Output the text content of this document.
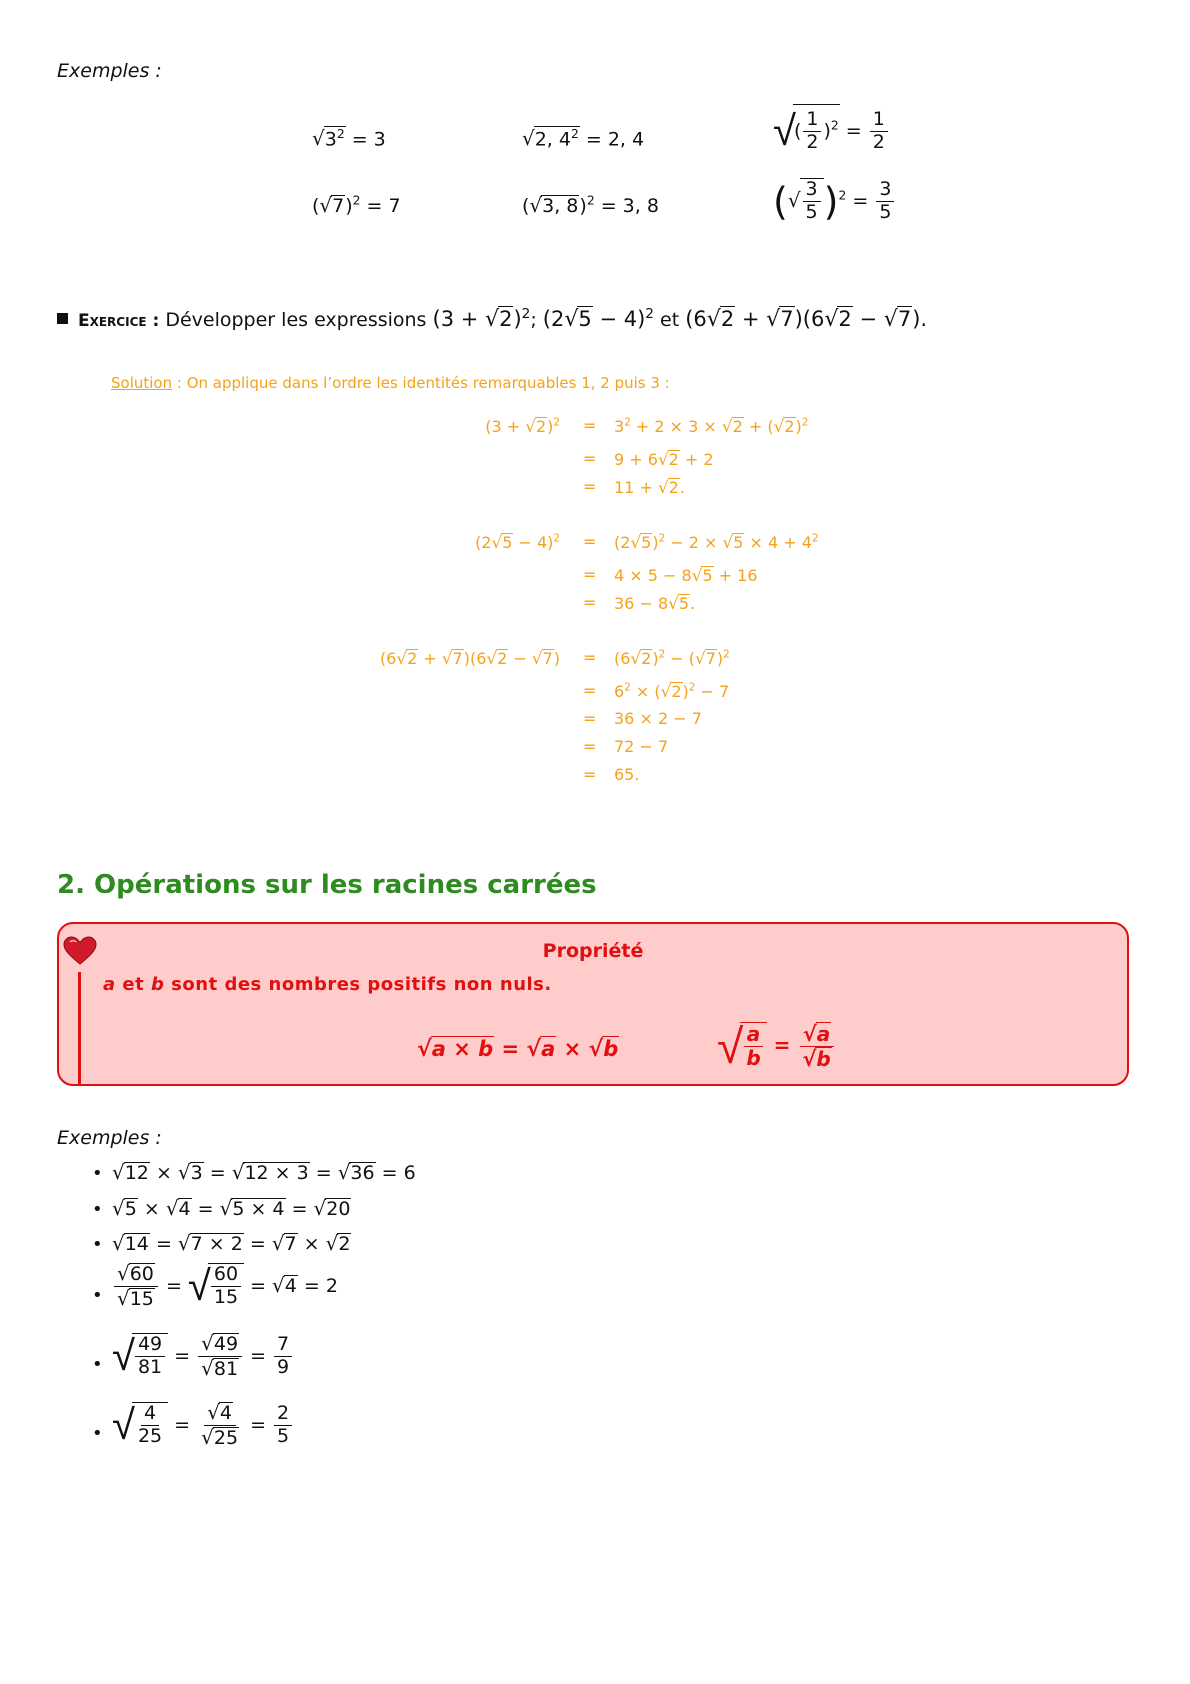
Exemples :
$√3^2 = 3$	√2, $4^2 = 2$, 4	√( $\frac{1}{2} )^2 = \frac{1}{2}$
$(√7)^2 = 7$	(√3, 8)$^2$ = 3, 8	(√ $\frac{3}{5} )^2 = \frac{3}{5}$
Exercice : Développer les expressions $(3 + √2)^2$; $(2√5 - 4)^2$ et (6√2 + √7)(6√2 − √7).
Solution : On applique dans l’ordre les identités remarquables 1, 2 puis 3 :
$(3 + √2)^2 = 3^2 + 2 \times 3 \times √2 + (√2)^2$
= 9 + 6√2 + 2
= 11 + √2.
$(2√5 - 4)^2 = (2√5)^2 - 2 \times √5 \times 4 + 4^2$
= 4 × 5 − 8√5 + 16
= 36 − 8√5.
$(6√2 + √7)(6√2 - √7) = (6√2)^2 - (√7)^2$
= $6^2 \times (√2)^2 - 7$
= 36 × 2 − 7
= 72 − 7
= 65.
2. Opérations sur les racines carrées
Propriété
a et b sont des nombres positifs non nuls.
√a × b = √a × √b √ $\frac{a}{b} = \frac{√a}{√b}$
Exemples :
• √12 × √3 = √12 × 3 = √36 = 6
• √5 × √4 = √5 × 4 = √20
• √14 = √7 × 2 = √7 × √2
• $\frac{√60}{√15}$ = √ $\frac{60}{15} = √4 = 2$
• √ $\frac{49}{81} = \frac{√49}{√81} = \frac{7}{9}$
• √ $\frac{4}{25} = \frac{√4}{√25} = \frac{2}{5}$
